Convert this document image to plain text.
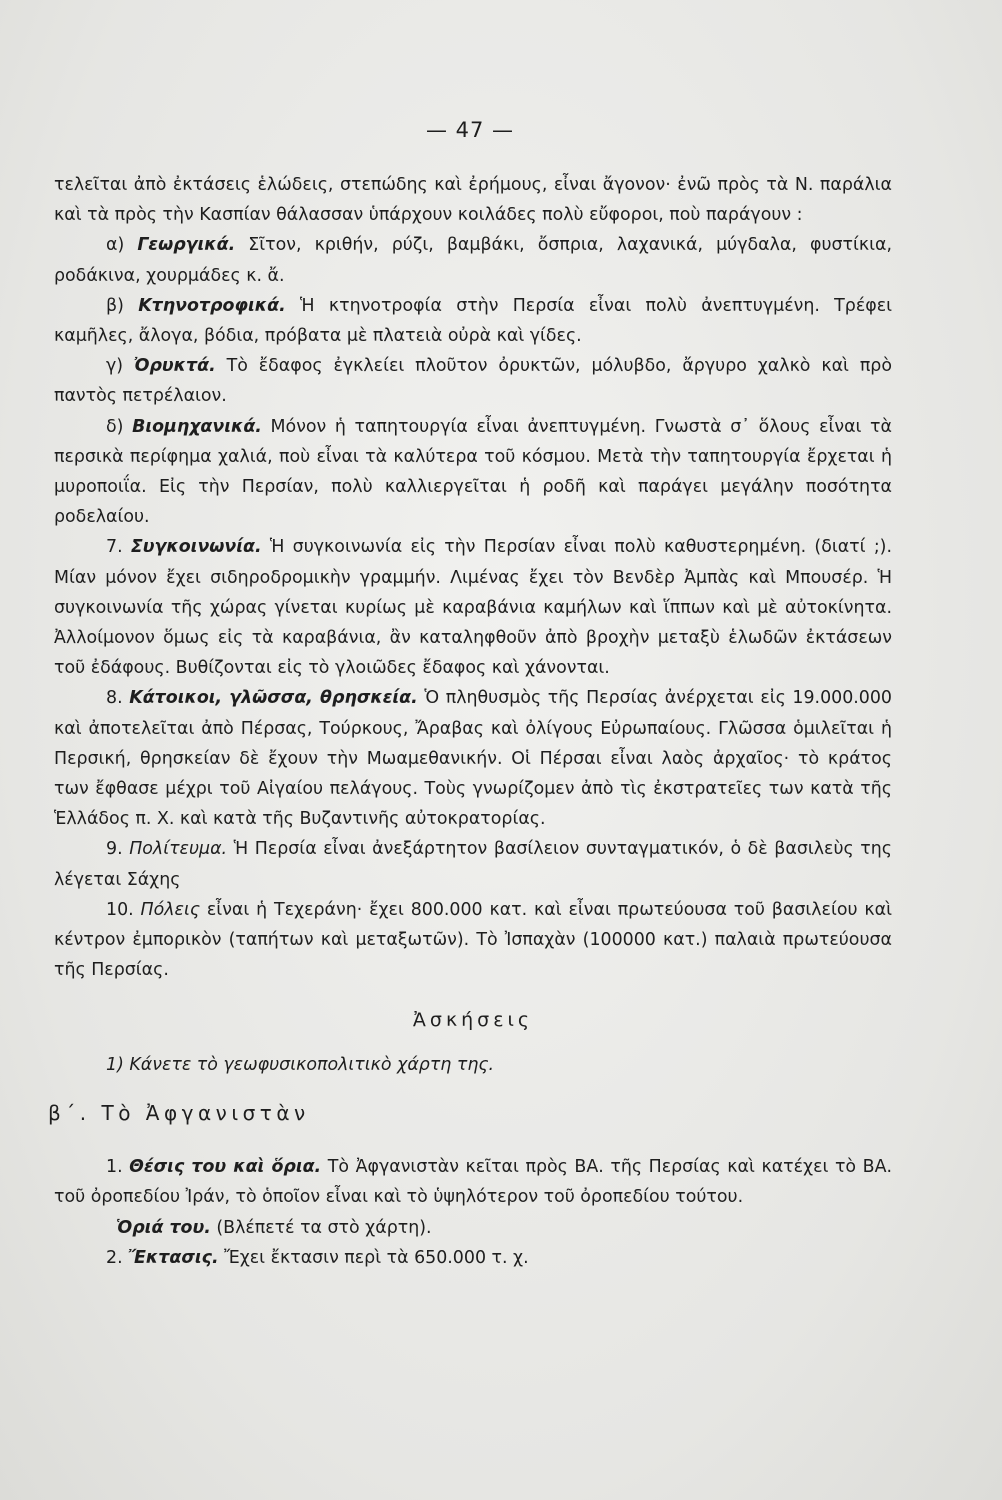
— 47 —

τελεῖται ἀπὸ ἐκτάσεις ἑλώδεις, στεπώδης καὶ ἐρήμους, εἶναι ἄγονον· ἐνῶ πρὸς τὰ Ν. παράλια καὶ τὰ πρὸς τὴν Κασπίαν θάλασσαν ὑπάρχουν κοιλάδες πολὺ εὔφοροι, ποὺ παράγουν :

α) Γεωργικά. Σῖτον, κριθήν, ρύζι, βαμβάκι, ὄσπρια, λαχανικά, μύγδαλα, φυστίκια, ροδάκινα, χουρμάδες κ. ἄ.

β) Κτηνοτροφικά. Ἡ κτηνοτροφία στὴν Περσία εἶναι πολὺ ἀνεπτυγμένη. Τρέφει καμῆλες, ἄλογα, βόδια, πρόβατα μὲ πλατειὰ οὐρὰ καὶ γίδες.

γ) Ὀρυκτά. Τὸ ἔδαφος ἐγκλείει πλοῦτον ὀρυκτῶν, μόλυβδο, ἄργυρο χαλκὸ καὶ πρὸ παντὸς πετρέλαιον.

δ) Βιομηχανικά. Μόνον ἡ ταπητουργία εἶναι ἀνεπτυγμένη. Γνωστὰ σ᾿ ὅλους εἶναι τὰ περσικὰ περίφημα χαλιά, ποὺ εἶναι τὰ καλύτερα τοῦ κόσμου. Μετὰ τὴν ταπητουργία ἔρχεται ἡ μυροποιΐα. Εἰς τὴν Περσίαν, πολὺ καλλιεργεῖται ἡ ροδῆ καὶ παράγει μεγάλην ποσότητα ροδελαίου.

7. Συγκοινωνία. Ἡ συγκοινωνία εἰς τὴν Περσίαν εἶναι πολὺ καθυστερημένη. (διατί ;). Μίαν μόνον ἔχει σιδηροδρομικὴν γραμμήν. Λιμένας ἔχει τὸν Βενδὲρ Ἀμπὰς καὶ Μπουσέρ. Ἡ συγκοινωνία τῆς χώρας γίνεται κυρίως μὲ καραβάνια καμήλων καὶ ἵππων καὶ μὲ αὐτοκίνητα. Ἀλλοίμονον ὅμως εἰς τὰ καραβάνια, ἂν καταληφθοῦν ἀπὸ βροχὴν μεταξὺ ἑλωδῶν ἐκτάσεων τοῦ ἐδάφους. Βυθίζονται εἰς τὸ γλοιῶδες ἔδαφος καὶ χάνονται.

8. Κάτοικοι, γλῶσσα, θρησκεία. Ὁ πληθυσμὸς τῆς Περσίας ἀνέρχεται εἰς 19.000.000 καὶ ἀποτελεῖται ἀπὸ Πέρσας, Τούρκους, Ἄραβας καὶ ὀλίγους Εὐρωπαίους. Γλῶσσα ὁμιλεῖται ἡ Περσική, θρησκείαν δὲ ἔχουν τὴν Μωαμεθανικήν. Οἱ Πέρσαι εἶναι λαὸς ἀρχαῖος· τὸ κράτος των ἔφθασε μέχρι τοῦ Αἰγαίου πελάγους. Τοὺς γνωρίζομεν ἀπὸ τὶς ἐκστρατεῖες των κατὰ τῆς Ἑλλάδος π. Χ. καὶ κατὰ τῆς Βυζαντινῆς αὐτοκρατορίας.

9. Πολίτευμα. Ἡ Περσία εἶναι ἀνεξάρτητον βασίλειον συνταγματικόν, ὁ δὲ βασιλεὺς της λέγεται Σάχης

10. Πόλεις εἶναι ἡ Τεχεράνη· ἔχει 800.000 κατ. καὶ εἶναι πρωτεύουσα τοῦ βασιλείου καὶ κέντρον ἐμπορικὸν (ταπήτων καὶ μεταξωτῶν). Τὸ Ἰσπαχὰν (100000 κατ.) παλαιὰ πρωτεύουσα τῆς Περσίας.

Ἀσκήσεις

1) Κάνετε τὸ γεωφυσικοπολιτικὸ χάρτη της.

β΄. Τὸ Ἀφγανιστὰν

1. Θέσις του καὶ ὅρια. Τὸ Ἀφγανιστὰν κεῖται πρὸς ΒΑ. τῆς Περσίας καὶ κατέχει τὸ ΒΑ. τοῦ ὀροπεδίου Ἰράν, τὸ ὁποῖον εἶναι καὶ τὸ ὑψηλότερον τοῦ ὀροπεδίου τούτου.

Ὁριά του. (Βλέπετέ τα στὸ χάρτη).

2. Ἔκτασις. Ἔχει ἔκτασιν περὶ τὰ 650.000 τ. χ.
